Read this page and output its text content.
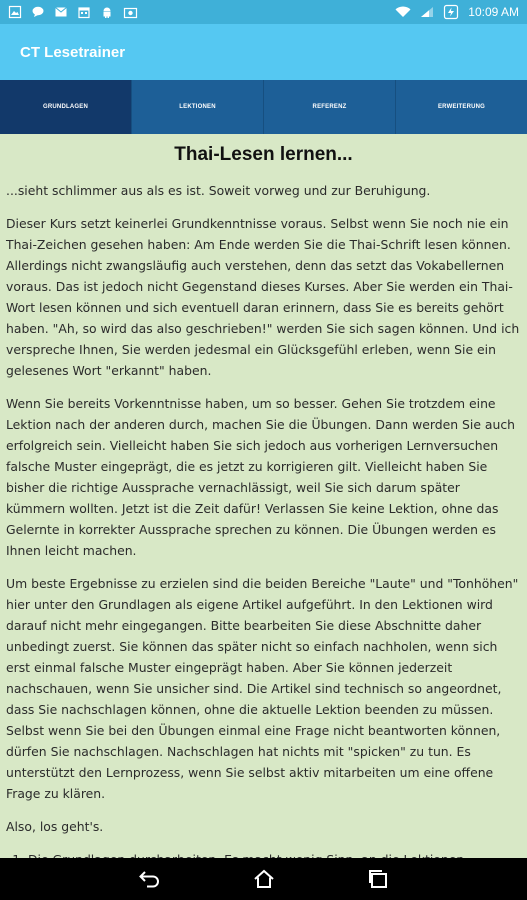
10:09 AM
CT Lesetrainer
GRUNDLAGEN	LEKTIONEN	REFERENZ	ERWEITERUNG
Thai-Lesen lernen...

...sieht schlimmer aus als es ist. Soweit vorweg und zur Beruhigung.

Dieser Kurs setzt keinerlei Grundkenntnisse voraus. Selbst wenn Sie noch nie ein Thai-Zeichen gesehen haben: Am Ende werden Sie die Thai-Schrift lesen können. Allerdings nicht zwangsläufig auch verstehen, denn das setzt das Vokabellernen voraus. Das ist jedoch nicht Gegenstand dieses Kurses. Aber Sie werden ein Thai-Wort lesen können und sich eventuell daran erinnern, dass Sie es bereits gehört haben. "Ah, so wird das also geschrieben!" werden Sie sich sagen können. Und ich verspreche Ihnen, Sie werden jedesmal ein Glücksgefühl erleben, wenn Sie ein gelesenes Wort "erkannt" haben.

Wenn Sie bereits Vorkenntnisse haben, um so besser. Gehen Sie trotzdem eine Lektion nach der anderen durch, machen Sie die Übungen. Dann werden Sie auch erfolgreich sein. Vielleicht haben Sie sich jedoch aus vorherigen Lernversuchen falsche Muster eingeprägt, die es jetzt zu korrigieren gilt. Vielleicht haben Sie bisher die richtige Aussprache vernachlässigt, weil Sie sich darum später kümmern wollten. Jetzt ist die Zeit dafür! Verlassen Sie keine Lektion, ohne das Gelernte in korrekter Aussprache sprechen zu können. Die Übungen werden es Ihnen leicht machen.

Um beste Ergebnisse zu erzielen sind die beiden Bereiche "Laute" und "Tonhöhen" hier unter den Grundlagen als eigene Artikel aufgeführt. In den Lektionen wird darauf nicht mehr eingegangen. Bitte bearbeiten Sie diese Abschnitte daher unbedingt zuerst. Sie können das später nicht so einfach nachholen, wenn sich erst einmal falsche Muster eingeprägt haben. Aber Sie können jederzeit nachschauen, wenn Sie unsicher sind. Die Artikel sind technisch so angeordnet, dass Sie nachschlagen können, ohne die aktuelle Lektion beenden zu müssen. Selbst wenn Sie bei den Übungen einmal eine Frage nicht beantworten können, dürfen Sie nachschlagen. Nachschlagen hat nichts mit "spicken" zu tun. Es unterstützt den Lernprozess, wenn Sie selbst aktiv mitarbeiten um eine offene Frage zu klären.

Also, los geht's.

1.
